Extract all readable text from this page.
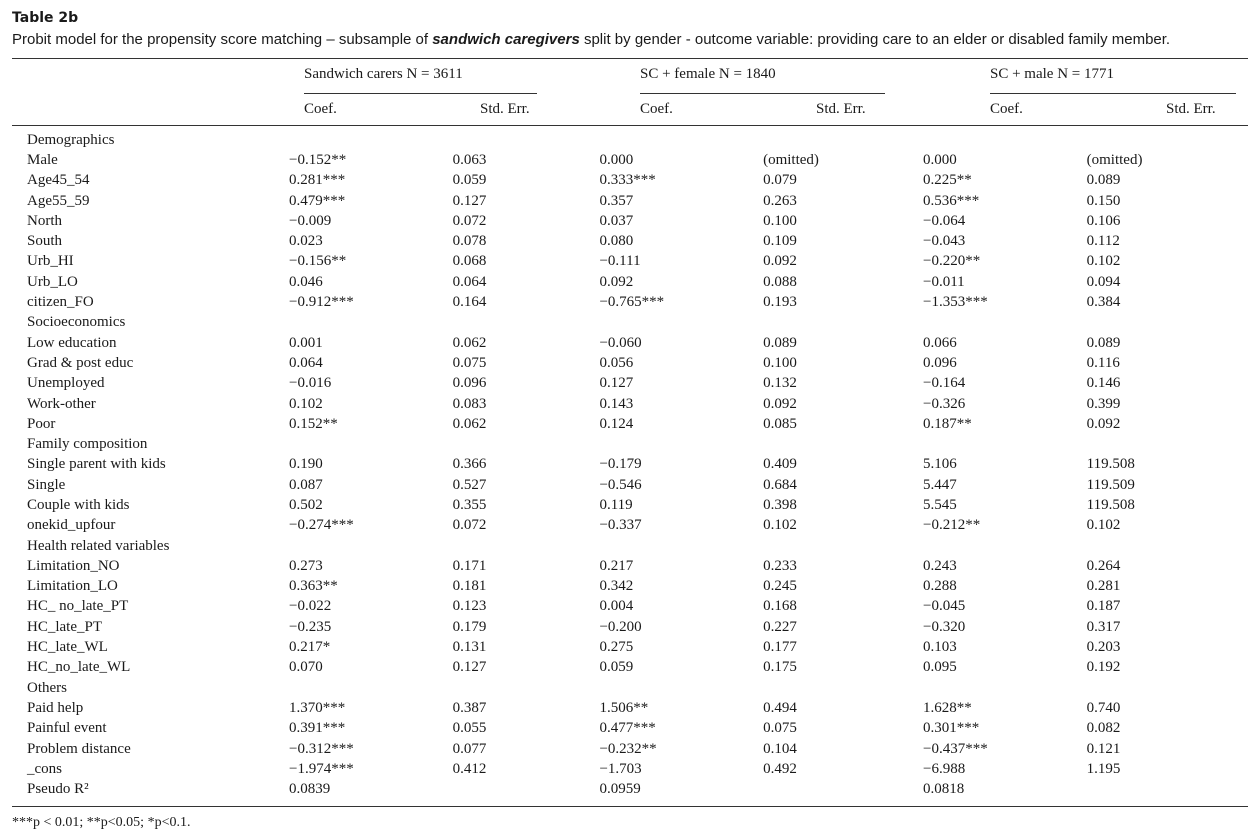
Table 2b
Probit model for the propensity score matching – subsample of sandwich caregivers split by gender - outcome variable: providing care to an elder or disabled family member.
Sandwich carers N = 3611	SC + female N = 1840	SC + male N = 1771
Coef.	Std. Err.	Coef.	Std. Err.	Coef.	Std. Err.
Demographics							
Male	−0.152**	0.063	0.000	(omitted)	0.000	(omitted)	
Age45_54	0.281***	0.059	0.333***	0.079	0.225**	0.089	
Age55_59	0.479***	0.127	0.357	0.263	0.536***	0.150	
North	−0.009	0.072	0.037	0.100	−0.064	0.106	
South	0.023	0.078	0.080	0.109	−0.043	0.112	
Urb_HI	−0.156**	0.068	−0.111	0.092	−0.220**	0.102	
Urb_LO	0.046	0.064	0.092	0.088	−0.011	0.094	
citizen_FO	−0.912***	0.164	−0.765***	0.193	−1.353***	0.384	
Socioeconomics							
Low education	0.001	0.062	−0.060	0.089	0.066	0.089	
Grad & post educ	0.064	0.075	0.056	0.100	0.096	0.116	
Unemployed	−0.016	0.096	0.127	0.132	−0.164	0.146	
Work-other	0.102	0.083	0.143	0.092	−0.326	0.399	
Poor	0.152**	0.062	0.124	0.085	0.187**	0.092	
Family composition							
Single parent with kids	0.190	0.366	−0.179	0.409	5.106	119.508	
Single	0.087	0.527	−0.546	0.684	5.447	119.509	
Couple with kids	0.502	0.355	0.119	0.398	5.545	119.508	
onekid_upfour	−0.274***	0.072	−0.337	0.102	−0.212**	0.102	
Health related variables							
Limitation_NO	0.273	0.171	0.217	0.233	0.243	0.264	
Limitation_LO	0.363**	0.181	0.342	0.245	0.288	0.281	
HC_ no_late_PT	−0.022	0.123	0.004	0.168	−0.045	0.187	
HC_late_PT	−0.235	0.179	−0.200	0.227	−0.320	0.317	
HC_late_WL	0.217*	0.131	0.275	0.177	0.103	0.203	
HC_no_late_WL	0.070	0.127	0.059	0.175	0.095	0.192	
Others							
Paid help	1.370***	0.387	1.506**	0.494	1.628**	0.740	
Painful event	0.391***	0.055	0.477***	0.075	0.301***	0.082	
Problem distance	−0.312***	0.077	−0.232**	0.104	−0.437***	0.121	
_cons	−1.974***	0.412	−1.703	0.492	−6.988	1.195	
Pseudo R²	0.0839		0.0959		0.0818		
***p < 0.01; **p<0.05; *p<0.1.
